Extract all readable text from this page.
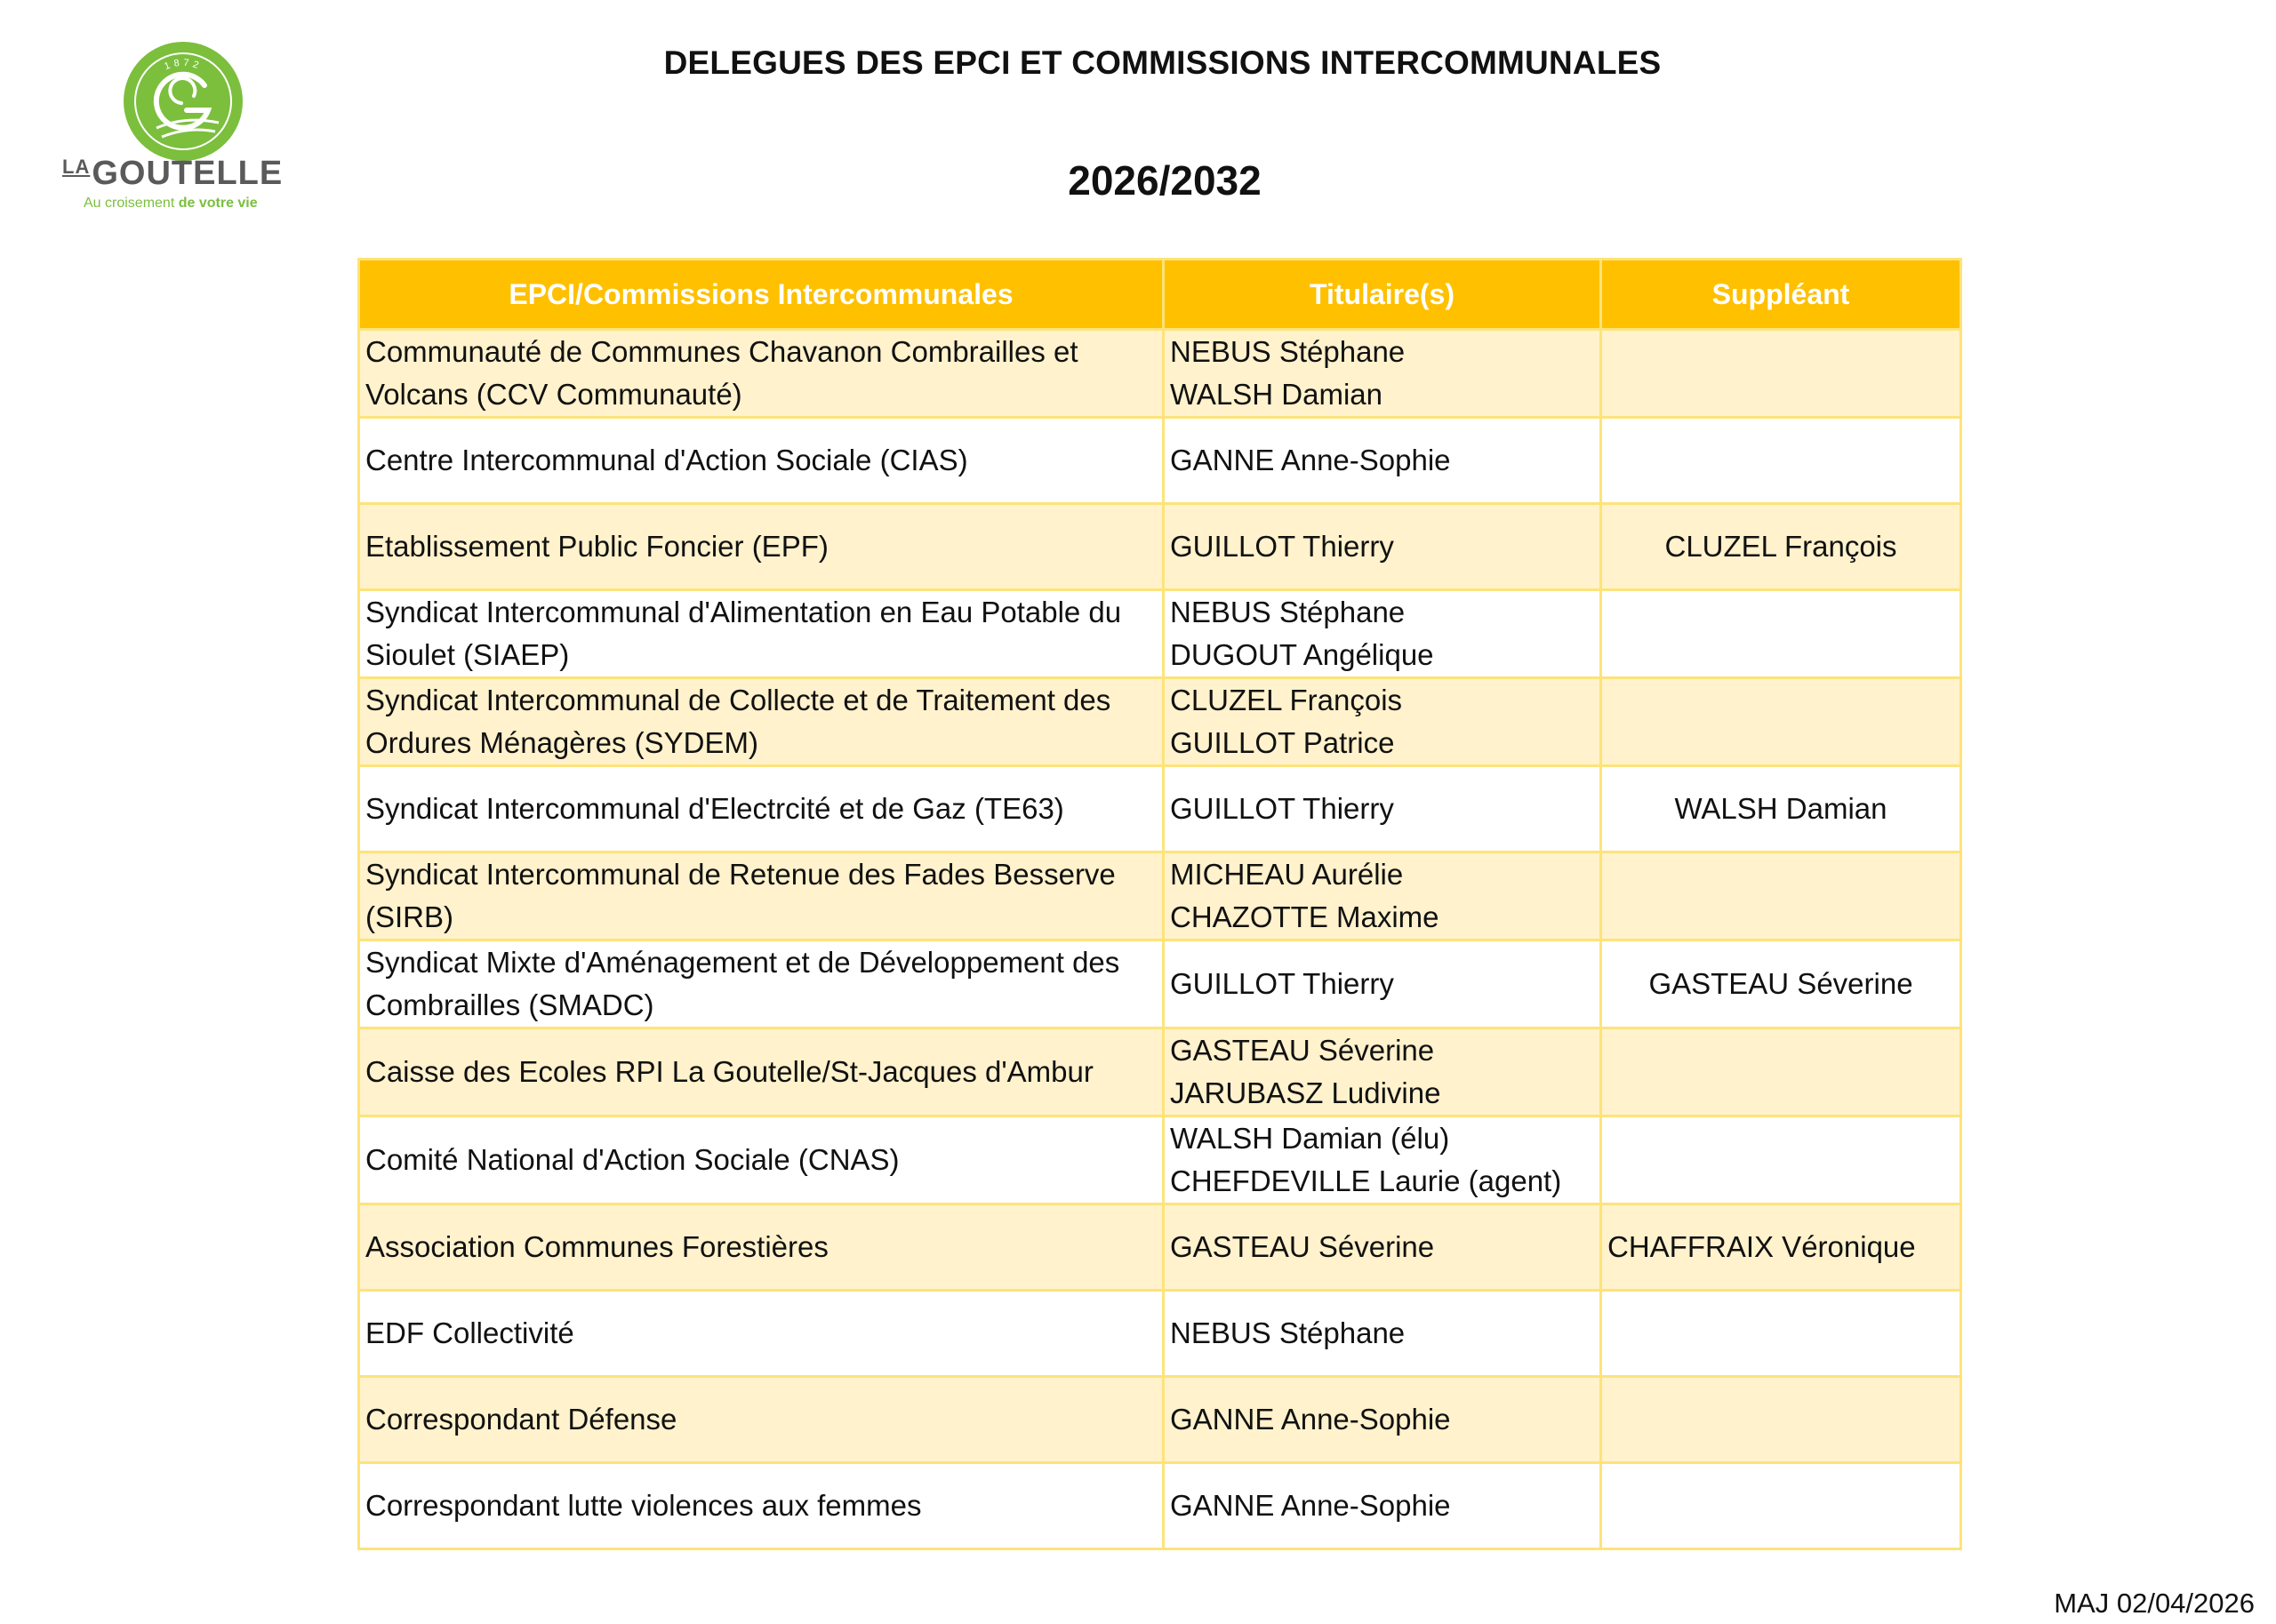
1872
$^{LA}$GOUTELLE
Au croisement de votre vie
DELEGUES DES EPCI ET COMMISSIONS INTERCOMMUNALES
2026/2032
EPCI/Commissions Intercommunales	Titulaire(s)	Suppléant
Communauté de Communes Chavanon Combrailles et Volcans (CCV Communauté)	NEBUS Stéphane
WALSH Damian	

Centre Intercommunal d'Action Sociale (CIAS)	GANNE Anne-Sophie	

Etablissement Public Foncier (EPF)	GUILLOT Thierry	CLUZEL François
Syndicat Intercommunal d'Alimentation en Eau Potable du Sioulet (SIAEP)	NEBUS Stéphane
DUGOUT Angélique	

Syndicat Intercommunal de Collecte et de Traitement des Ordures Ménagères (SYDEM)	CLUZEL François
GUILLOT Patrice	

Syndicat Intercommunal d'Electrcité et de Gaz (TE63)	GUILLOT Thierry	WALSH Damian
Syndicat Intercommunal de Retenue des Fades Besserve (SIRB)	MICHEAU Aurélie
CHAZOTTE Maxime	

Syndicat Mixte d'Aménagement et de Développement des Combrailles (SMADC)	GUILLOT Thierry	GASTEAU Séverine
Caisse des Ecoles RPI La Goutelle/St-Jacques d'Ambur	GASTEAU Séverine
JARUBASZ Ludivine	

Comité National d'Action Sociale (CNAS)	WALSH Damian (élu)
CHEFDEVILLE Laurie (agent)	

Association Communes Forestières	GASTEAU Séverine	CHAFFRAIX Véronique
EDF Collectivité	NEBUS Stéphane	

Correspondant Défense	GANNE Anne-Sophie	

Correspondant lutte violences aux femmes	GANNE Anne-Sophie	

MAJ 02/04/2026
